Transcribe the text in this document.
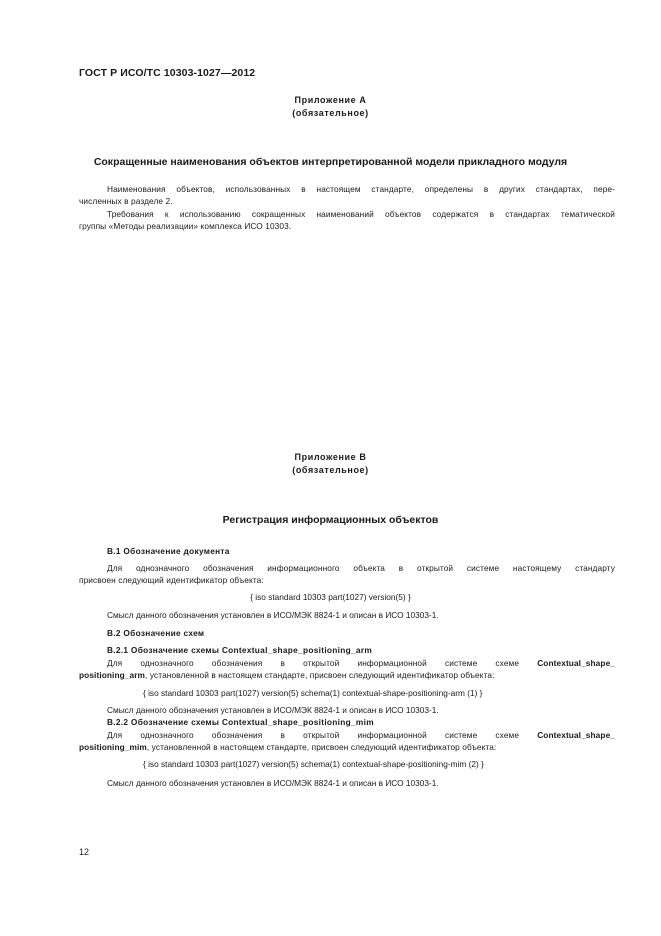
ГОСТ Р ИСО/ТС 10303-1027—2012
Приложение А
(обязательное)
Сокращенные наименования объектов интерпретированной модели прикладного модуля
Наименования объектов, использованных в настоящем стандарте, определены в других стандартах, пере-
численных в разделе 2.
Требования к использованию сокращенных наименований объектов содержатся в стандартах тематической
группы «Методы реализации» комплекса ИСО 10303.
Приложение В
(обязательное)
Регистрация информационных объектов
В.1 Обозначение документа
Для однозначного обозначения информационного объекта в открытой системе настоящему стандарту
присвоен следующий идентификатор объекта:
{ iso standard 10303 part(1027) version(5) }
Смысл данного обозначения установлен в ИСО/МЭК 8824-1 и описан в ИСО 10303-1.
В.2 Обозначение схем
В.2.1 Обозначение схемы Contextual_shape_positioning_arm
Для однозначного обозначения в открытой информационной системе схеме Contextual_shape_
positioning_arm, установленной в настоящем стандарте, присвоен следующий идентификатор объекта:
{ iso standard 10303 part(1027) version(5) schema(1) contextual-shape-positioning-arm (1) }
Смысл данного обозначения установлен в ИСО/МЭК 8824-1 и описан в ИСО 10303-1.
В.2.2 Обозначение схемы Contextual_shape_positioning_mim
Для однозначного обозначения в открытой информационной системе схеме Contextual_shape_
positioning_mim, установленной в настоящем стандарте, присвоен следующий идентификатор объекта:
{ iso standard 10303 part(1027) version(5) schema(1) contextual-shape-positioning-mim (2) }
Смысл данного обозначения установлен в ИСО/МЭК 8824-1 и описан в ИСО 10303-1.
12
